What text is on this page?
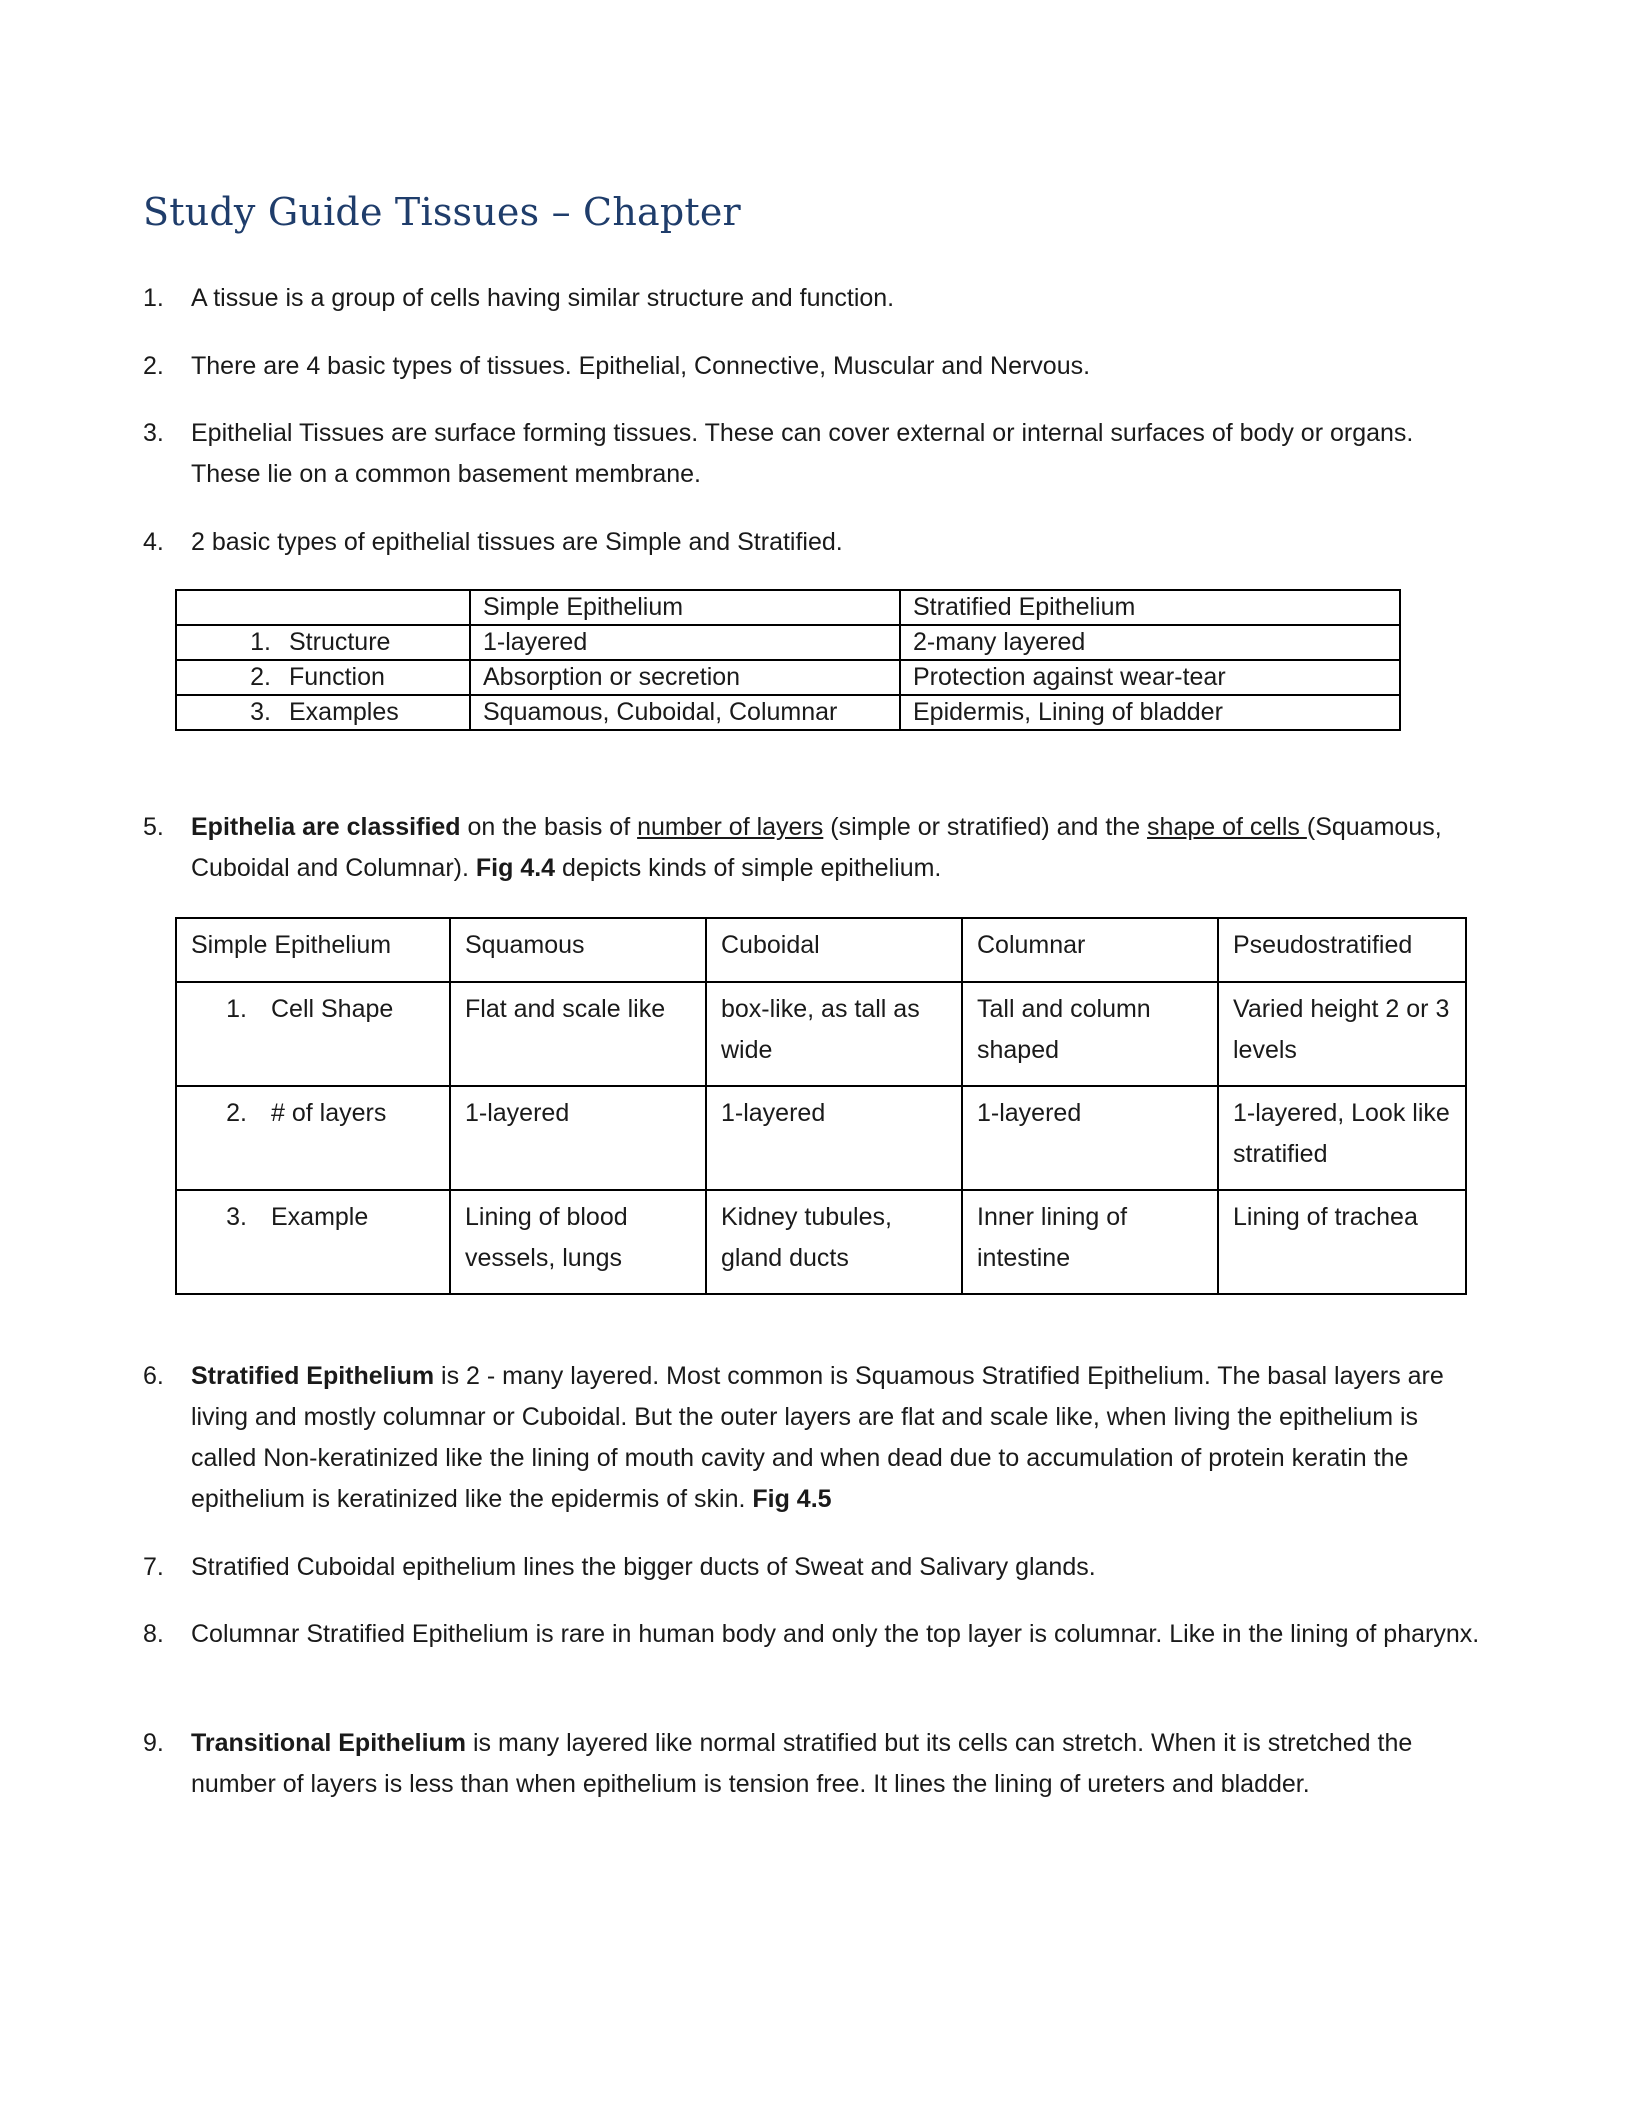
Study Guide Tissues – Chapter
1.	A tissue is a group of cells having similar structure and function.
2.	There are 4 basic types of tissues. Epithelial, Connective, Muscular and Nervous.
3.	Epithelial Tissues are surface forming tissues. These can cover external or internal surfaces of body or organs. These lie on a common basement membrane.
4.	2 basic types of epithelial tissues are Simple and Stratified.
	Simple Epithelium	Stratified Epithelium
1. Structure	1-layered	2-many layered
2. Function	Absorption or secretion	Protection against wear-tear
3. Examples	Squamous, Cuboidal, Columnar	Epidermis, Lining of bladder
5.	Epithelia are classified on the basis of number of layers (simple or stratified) and the shape of cells (Squamous, Cuboidal and Columnar). Fig 4.4 depicts kinds of simple epithelium.
Simple Epithelium	Squamous	Cuboidal	Columnar	Pseudostratified
1. Cell Shape	Flat and scale like	box-like, as tall as wide	Tall and column shaped	Varied height 2 or 3 levels
2. # of layers	1-layered	1-layered	1-layered	1-layered, Look like stratified
3. Example	Lining of blood vessels, lungs	Kidney tubules, gland ducts	Inner lining of intestine	Lining of trachea
6.	Stratified Epithelium is 2 - many layered. Most common is Squamous Stratified Epithelium. The basal layers are living and mostly columnar or Cuboidal. But the outer layers are flat and scale like, when living the epithelium is called Non-keratinized like the lining of mouth cavity and when dead due to accumulation of protein keratin the epithelium is keratinized like the epidermis of skin. Fig 4.5
7.	Stratified Cuboidal epithelium lines the bigger ducts of Sweat and Salivary glands.
8.	Columnar Stratified Epithelium is rare in human body and only the top layer is columnar. Like in the lining of pharynx.
9.	Transitional Epithelium is many layered like normal stratified but its cells can stretch. When it is stretched the number of layers is less than when epithelium is tension free. It lines the lining of ureters and bladder.
